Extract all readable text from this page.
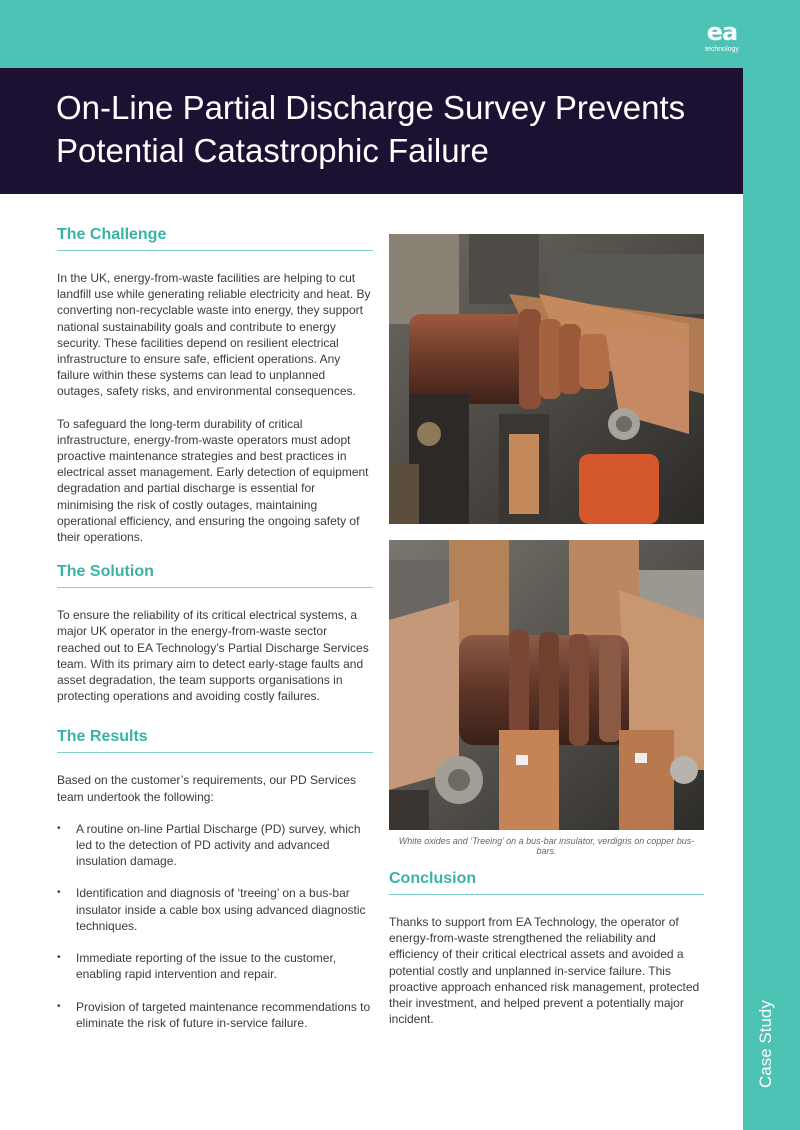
ea
technology
On-Line Partial Discharge Survey Prevents Potential Catastrophic Failure
Case Study
The Challenge

In the UK, energy-from-waste facilities are helping to cut landfill use while generating reliable electricity and heat. By converting non-recyclable waste into energy, they support national sustainability goals and contribute to energy security. These facilities depend on resilient electrical infrastructure to ensure safe, efficient operations. Any failure within these systems can lead to unplanned outages, safety risks, and environmental consequences.

To safeguard the long-term durability of critical infrastructure, energy-from-waste operators must adopt proactive maintenance strategies and best practices in electrical asset management. Early detection of equipment degradation and partial discharge is essential for minimising the risk of costly outages, maintaining operational efficiency, and ensuring the ongoing safety of their operations.

The Solution

To ensure the reliability of its critical electrical systems, a major UK operator in the energy-from-waste sector reached out to EA Technology’s Partial Discharge Services team. With its primary aim to detect early-stage faults and asset degradation, the team supports organisations in protecting operations and avoiding costly failures.

The Results

Based on the customer’s requirements, our PD Services team undertook the following:

• A routine on-line Partial Discharge (PD) survey, which led to the detection of PD activity and advanced insulation damage.
• Identification and diagnosis of ‘treeing’ on a bus-bar insulator inside a cable box using advanced diagnostic techniques.
• Immediate reporting of the issue to the customer, enabling rapid intervention and repair.
• Provision of targeted maintenance recommendations to eliminate the risk of future in-service failure.
White oxides and ‘Treeing’ on a bus-bar insulator, verdigris on copper bus-bars.
Conclusion

Thanks to support from EA Technology, the operator of energy-from-waste strengthened the reliability and efficiency of their critical electrical assets and avoided a potential costly and unplanned in-service failure. This proactive approach enhanced risk management, protected their investment, and helped prevent a potentially major incident.
